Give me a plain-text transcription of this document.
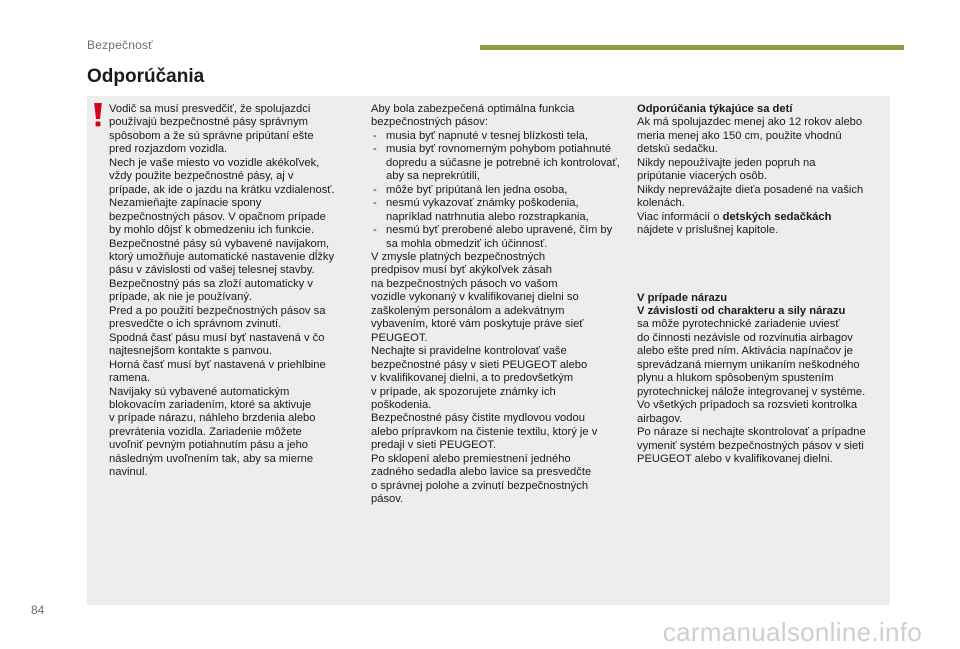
Bezpečnosť
Odporúčania

Vodič sa musí presvedčiť, že spolujazdci
používajú bezpečnostné pásy správnym
spôsobom a že sú správne pripútaní ešte
pred rozjazdom vozidla.
Nech je vaše miesto vo vozidle akékoľvek,
vždy použite bezpečnostné pásy, aj v
prípade, ak ide o jazdu na krátku vzdialenosť.
Nezamieňajte zapínacie spony
bezpečnostných pásov. V opačnom prípade
by mohlo dôjsť k obmedzeniu ich funkcie.
Bezpečnostné pásy sú vybavené navijakom,
ktorý umožňuje automatické nastavenie dĺžky
pásu v závislosti od vašej telesnej stavby.
Bezpečnostný pás sa zloží automaticky v
prípade, ak nie je používaný.
Pred a po použití bezpečnostných pásov sa
presvedčte o ich správnom zvinutí.
Spodná časť pásu musí byť nastavená v čo
najtesnejšom kontakte s panvou.
Horná časť musí byť nastavená v priehlbine
ramena.
Navijaky sú vybavené automatickým
blokovacím zariadením, ktoré sa aktivuje
v prípade nárazu, náhleho brzdenia alebo
prevrátenia vozidla. Zariadenie môžete
uvoľniť pevným potiahnutím pásu a jeho
následným uvoľnením tak, aby sa mierne
navinul.

Aby bola zabezpečená optimálna funkcia
bezpečnostných pásov:

- musia byť napnuté v tesnej blízkosti tela,
- musia byť rovnomerným pohybom potiahnuté dopredu a súčasne je potrebné ich kontrolovať, aby sa neprekrútili,
- môže byť pripútaná len jedna osoba,
- nesmú vykazovať známky poškodenia, napríklad natrhnutia alebo rozstrapkania,
- nesmú byť prerobené alebo upravené, čím by sa mohla obmedziť ich účinnosť.

V zmysle platných bezpečnostných
predpisov musí byť akýkoľvek zásah
na bezpečnostných pásoch vo vašom
vozidle vykonaný v kvalifikovanej dielni so
zaškoleným personálom a adekvátnym
vybavením, ktoré vám poskytuje práve sieť
PEUGEOT.
Nechajte si pravidelne kontrolovať vaše
bezpečnostné pásy v sieti PEUGEOT alebo
v kvalifikovanej dielni, a to predovšetkým
v prípade, ak spozorujete známky ich
poškodenia.
Bezpečnostné pásy čistite mydlovou vodou
alebo prípravkom na čistenie textilu, ktorý je v
predaji v sieti PEUGEOT.
Po sklopení alebo premiestnení jedného
zadného sedadla alebo lavice sa presvedčte
o správnej polohe a zvinutí bezpečnostných
pásov.

Odporúčania týkajúce sa detí

Ak má spolujazdec menej ako 12 rokov alebo
meria menej ako 150 cm, použite vhodnú
detskú sedačku.
Nikdy nepoužívajte jeden popruh na
pripútanie viacerých osôb.
Nikdy neprevážajte dieťa posadené na vašich
kolenách.

Viac informácií o detských sedačkách

nájdete v príslušnej kapitole.

V prípade nárazu
V závislosti od charakteru a sily nárazu

sa môže pyrotechnické zariadenie uviesť
do činnosti nezávisle od rozvinutia airbagov
alebo ešte pred ním. Aktivácia napínačov je
sprevádzaná miernym unikaním neškodného
plynu a hlukom spôsobeným spustením
pyrotechnickej nálože integrovanej v systéme.
Vo všetkých prípadoch sa rozsvieti kontrolka
airbagov.
Po náraze si nechajte skontrolovať a prípadne
vymeniť systém bezpečnostných pásov v sieti
PEUGEOT alebo v kvalifikovanej dielni.

84
carmanualsonline.info
